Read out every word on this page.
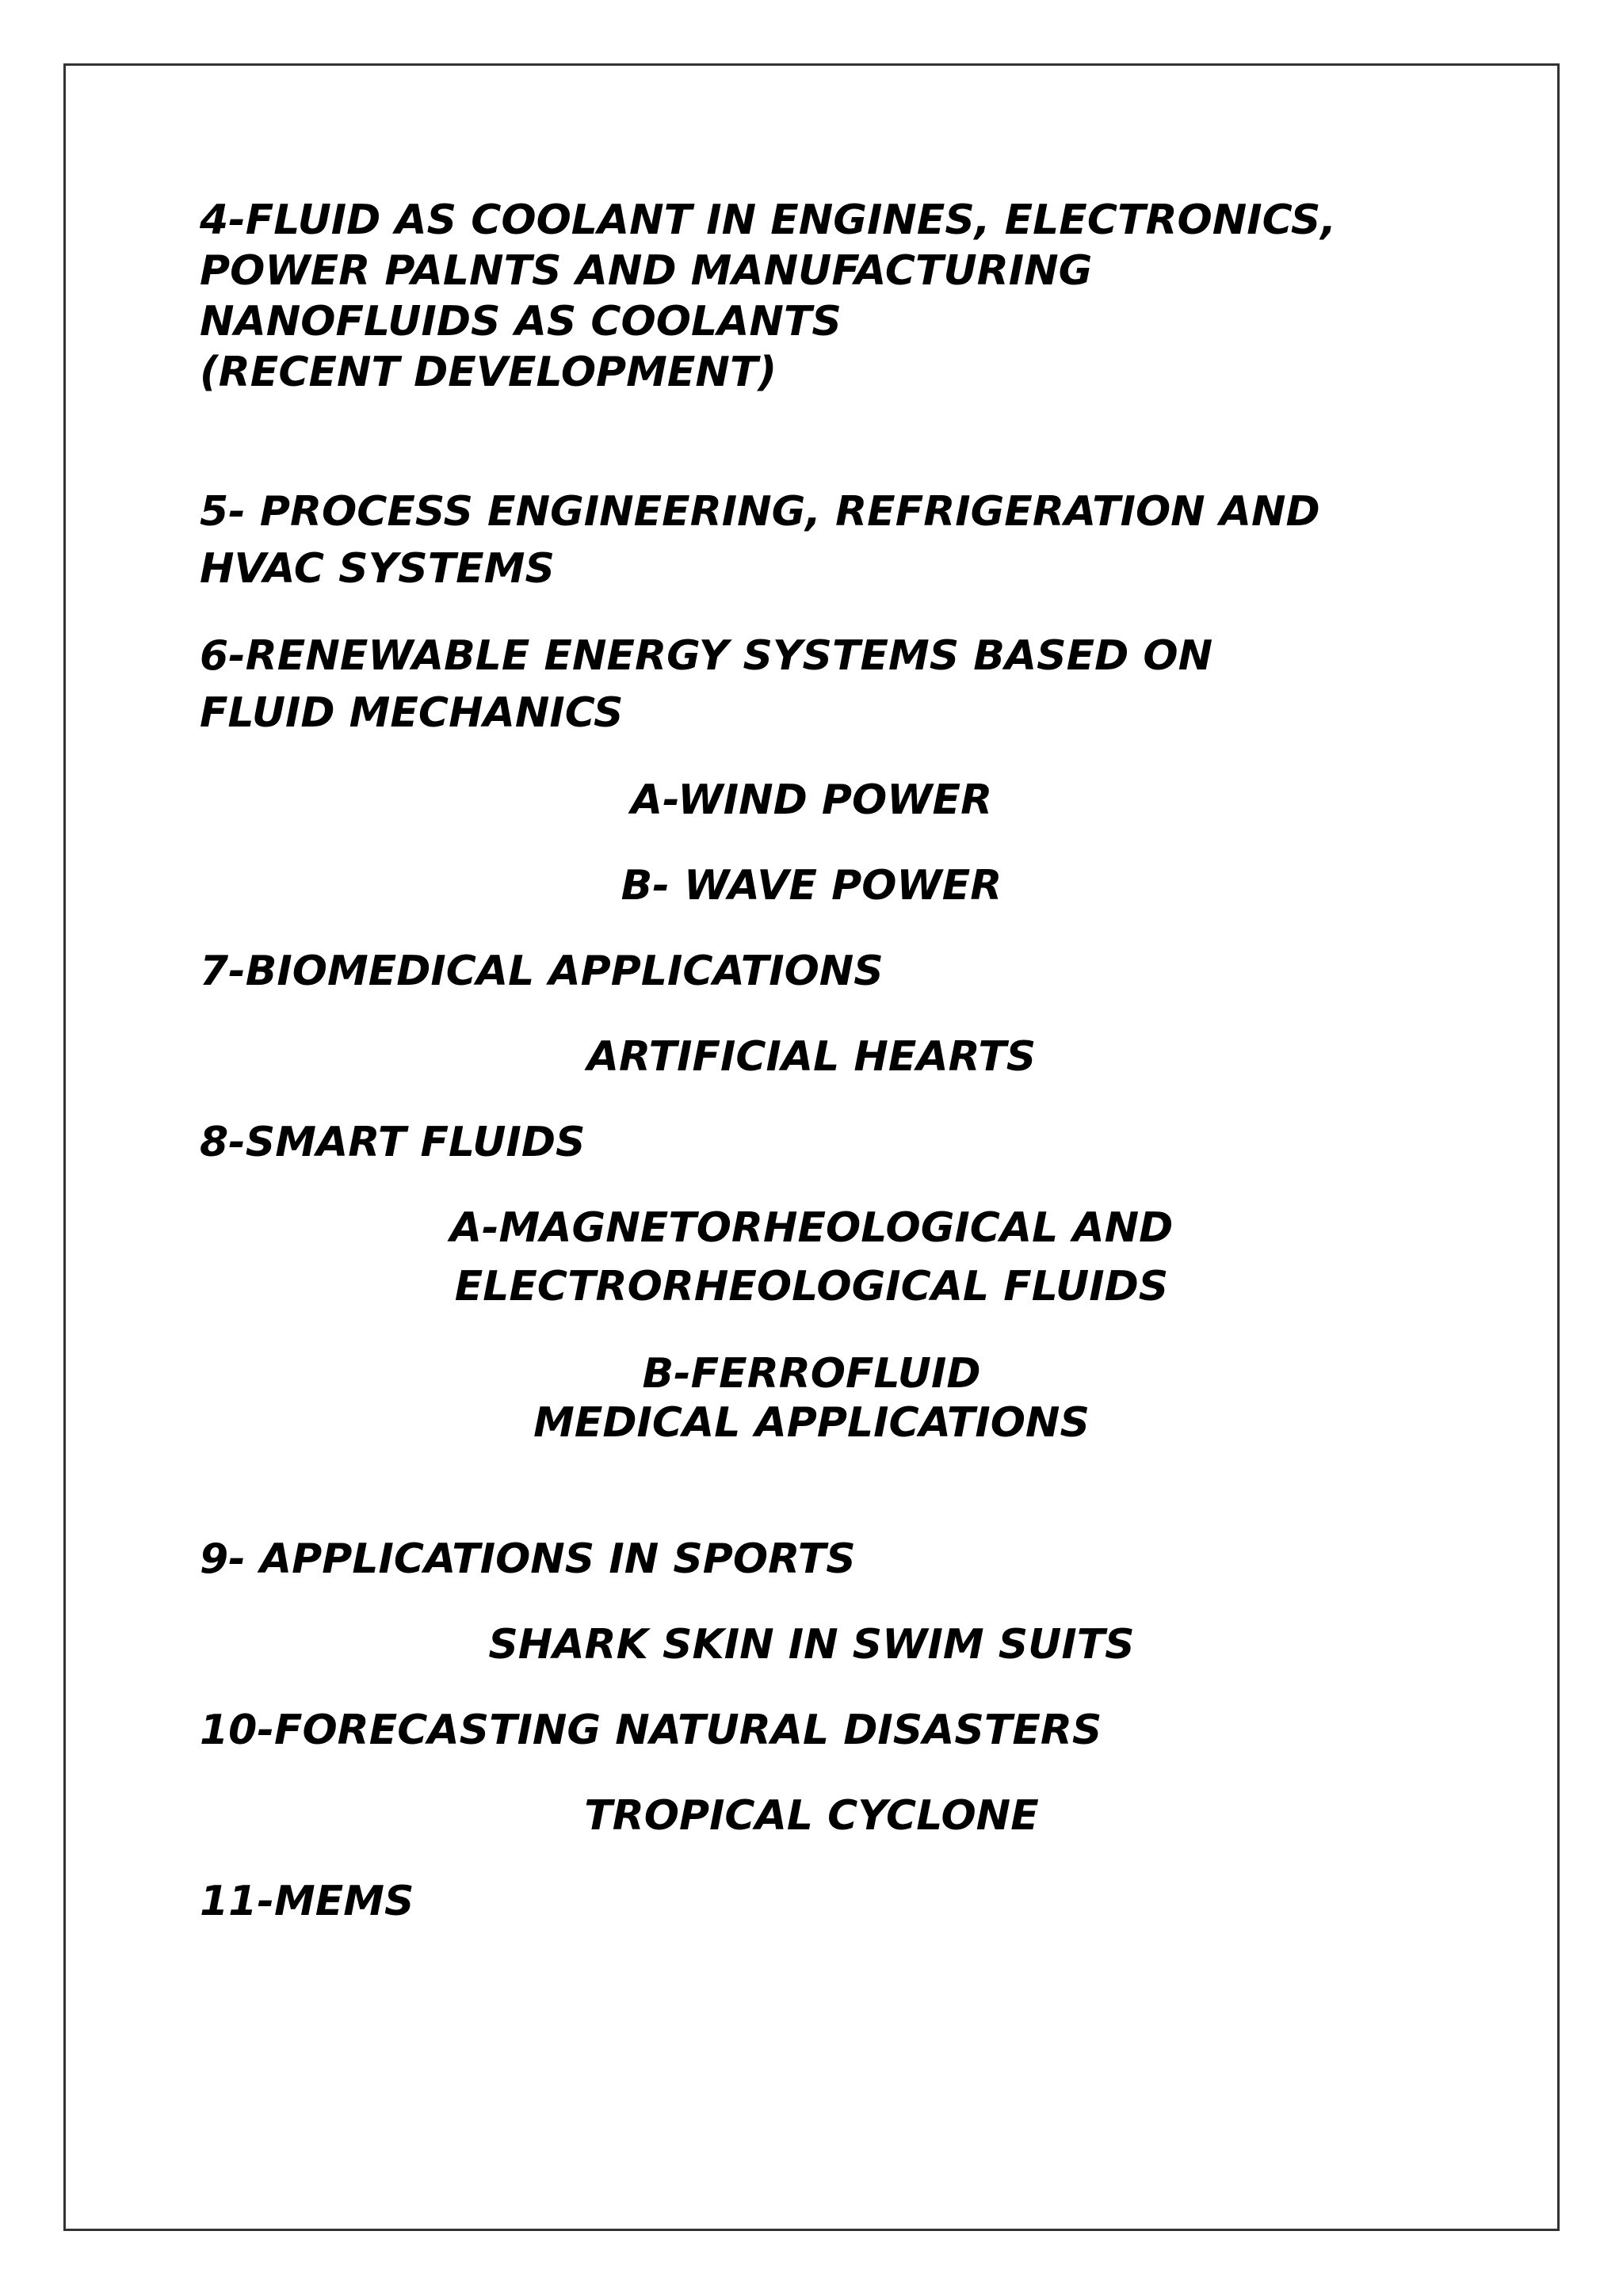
4-FLUID AS COOLANT IN ENGINES, ELECTRONICS,

POWER PALNTS AND MANUFACTURING

NANOFLUIDS AS COOLANTS

(RECENT DEVELOPMENT)

5- PROCESS ENGINEERING, REFRIGERATION AND

HVAC SYSTEMS

6-RENEWABLE ENERGY SYSTEMS BASED ON

FLUID MECHANICS

A-WIND POWER

B- WAVE POWER

7-BIOMEDICAL APPLICATIONS

ARTIFICIAL HEARTS

8-SMART FLUIDS

A-MAGNETORHEOLOGICAL AND

ELECTRORHEOLOGICAL FLUIDS

B-FERROFLUID

MEDICAL APPLICATIONS

9- APPLICATIONS IN SPORTS

SHARK SKIN IN SWIM SUITS

10-FORECASTING NATURAL DISASTERS

TROPICAL CYCLONE

11-MEMS
